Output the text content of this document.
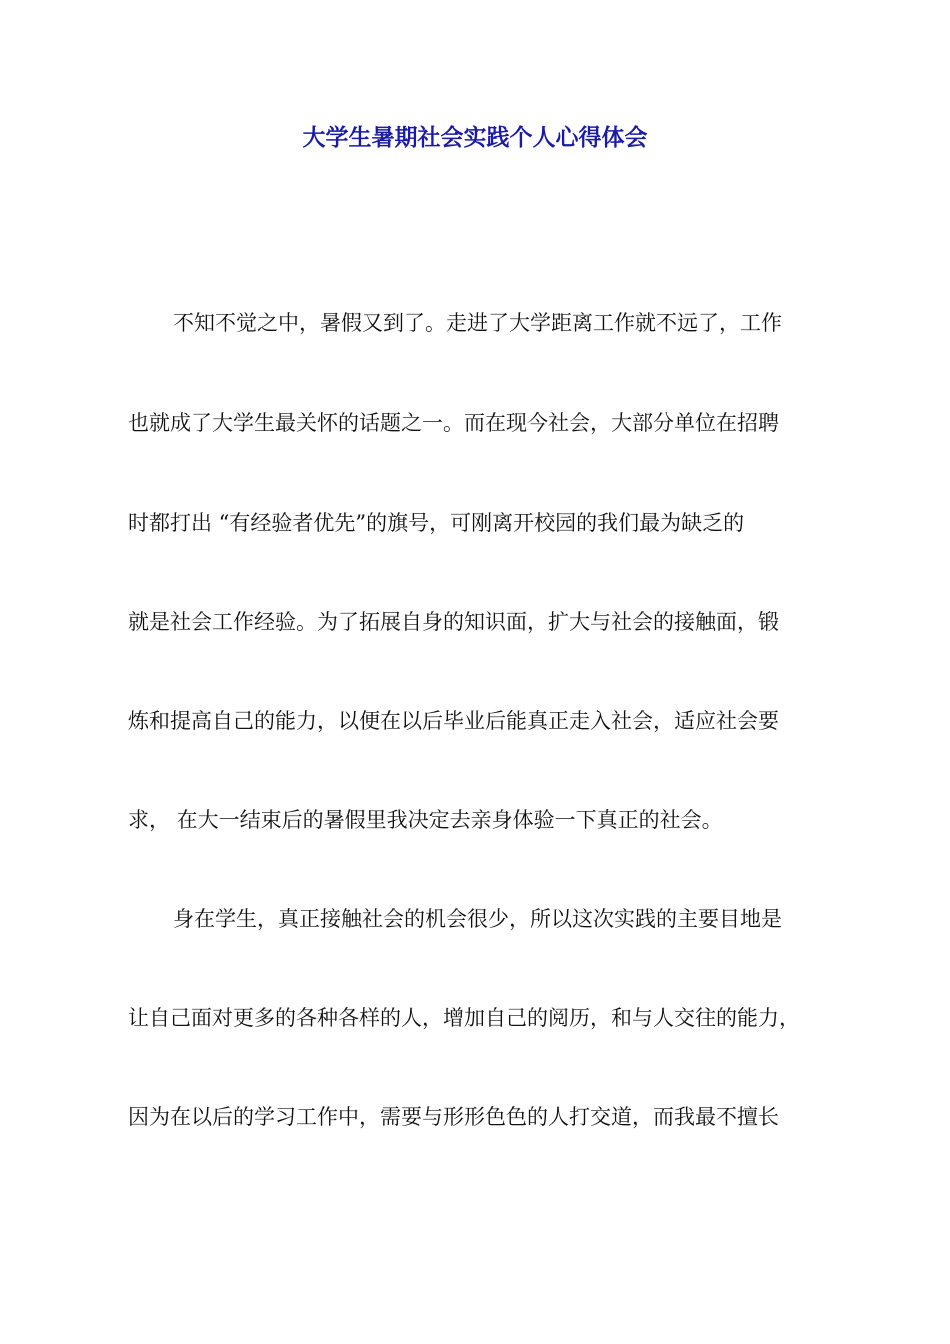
大学生暑期社会实践个人心得体会

不知不觉之中，暑假又到了。走进了大学距离工作就不远了，工作

也就成了大学生最关怀的话题之一。而在现今社会，大部分单位在招聘

时都打出 “有经验者优先”的旗号，可刚离开校园的我们最为缺乏的

就是社会工作经验。为了拓展自身的知识面，扩大与社会的接触面，锻

炼和提高自己的能力，以便在以后毕业后能真正走入社会，适应社会要

求， 在大一结束后的暑假里我决定去亲身体验一下真正的社会。

身在学生，真正接触社会的机会很少，所以这次实践的主要目地是

让自己面对更多的各种各样的人，增加自己的阅历，和与人交往的能力，

因为在以后的学习工作中，需要与形形色色的人打交道，而我最不擅长
